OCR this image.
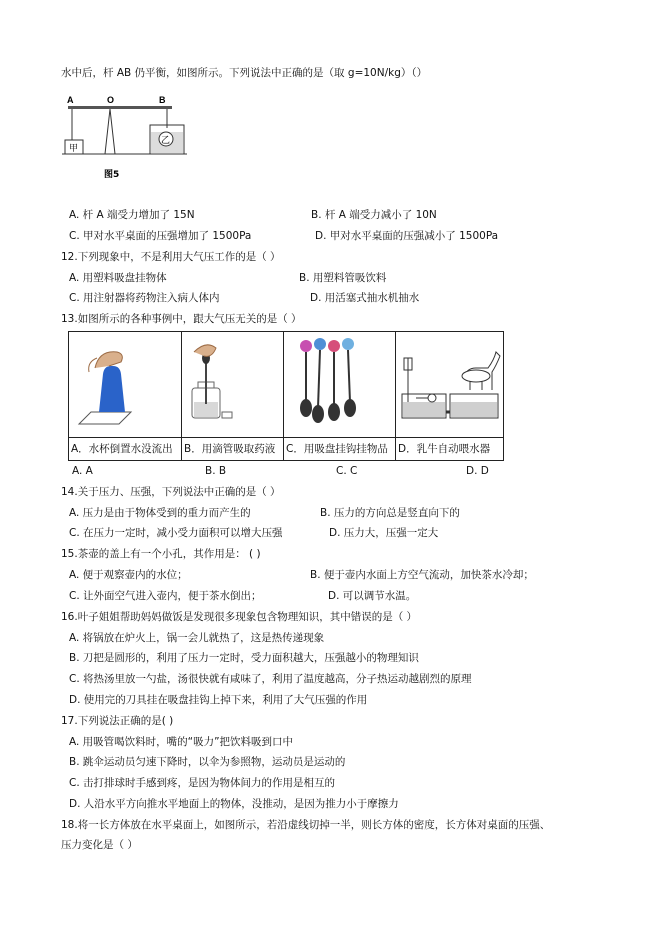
水中后，杆 AB 仍平衡，如图所示。下列说法中正确的是（取 g=10N/kg）（）
A	O	B
甲
乙
图5
A. 杆 A 端受力增加了 15N	B. 杆 A 端受力减小了 10N
C. 甲对水平桌面的压强增加了 1500Pa	D. 甲对水平桌面的压强减小了 1500Pa
12.下列现象中，不是利用大气压工作的是（ ）
A. 用塑料吸盘挂物体	B. 用塑料管吸饮料
C. 用注射器将药物注入病人体内	D. 用活塞式抽水机抽水
13.如图所示的各种事例中，跟大气压无关的是（ ）
A．水杯倒置水没流出	B．用滴管吸取药液	C．用吸盘挂钩挂物品 D．乳牛自动喂水器
A. A	B. B	C. C	D. D
14.关于压力、压强，下列说法中正确的是（ ）
A. 压力是由于物体受到的重力而产生的	B. 压力的方向总是竖直向下的
C. 在压力一定时，减小受力面积可以增大压强	D. 压力大，压强一定大
15.茶壶的盖上有一个小孔，其作用是： ( )
A. 便于观察壶内的水位；	B. 便于壶内水面上方空气流动，加快茶水冷却；
C. 让外面空气进入壶内，便于茶水倒出；	D. 可以调节水温。
16.叶子姐姐帮助妈妈做饭是发现很多现象包含物理知识，其中错误的是（ ）
A. 将锅放在炉火上，锅一会儿就热了，这是热传递现象
B. 刀把是圆形的，利用了压力一定时，受力面积越大，压强越小的物理知识
C. 将热汤里放一勺盐，汤很快就有咸味了，利用了温度越高，分子热运动越剧烈的原理
D. 使用完的刀具挂在吸盘挂钩上掉下来，利用了大气压强的作用
17.下列说法正确的是( )
A. 用吸管喝饮料时，嘴的“吸力”把饮料吸到口中
B. 跳伞运动员匀速下降时，以伞为参照物，运动员是运动的
C. 击打排球时手感到疼，是因为物体间力的作用是相互的
D. 人沿水平方向推水平地面上的物体，没推动，是因为推力小于摩擦力
18.将一长方体放在水平桌面上，如图所示，若沿虚线切掉一半，则长方体的密度，长方体对桌面的压强、
压力变化是（ ）
